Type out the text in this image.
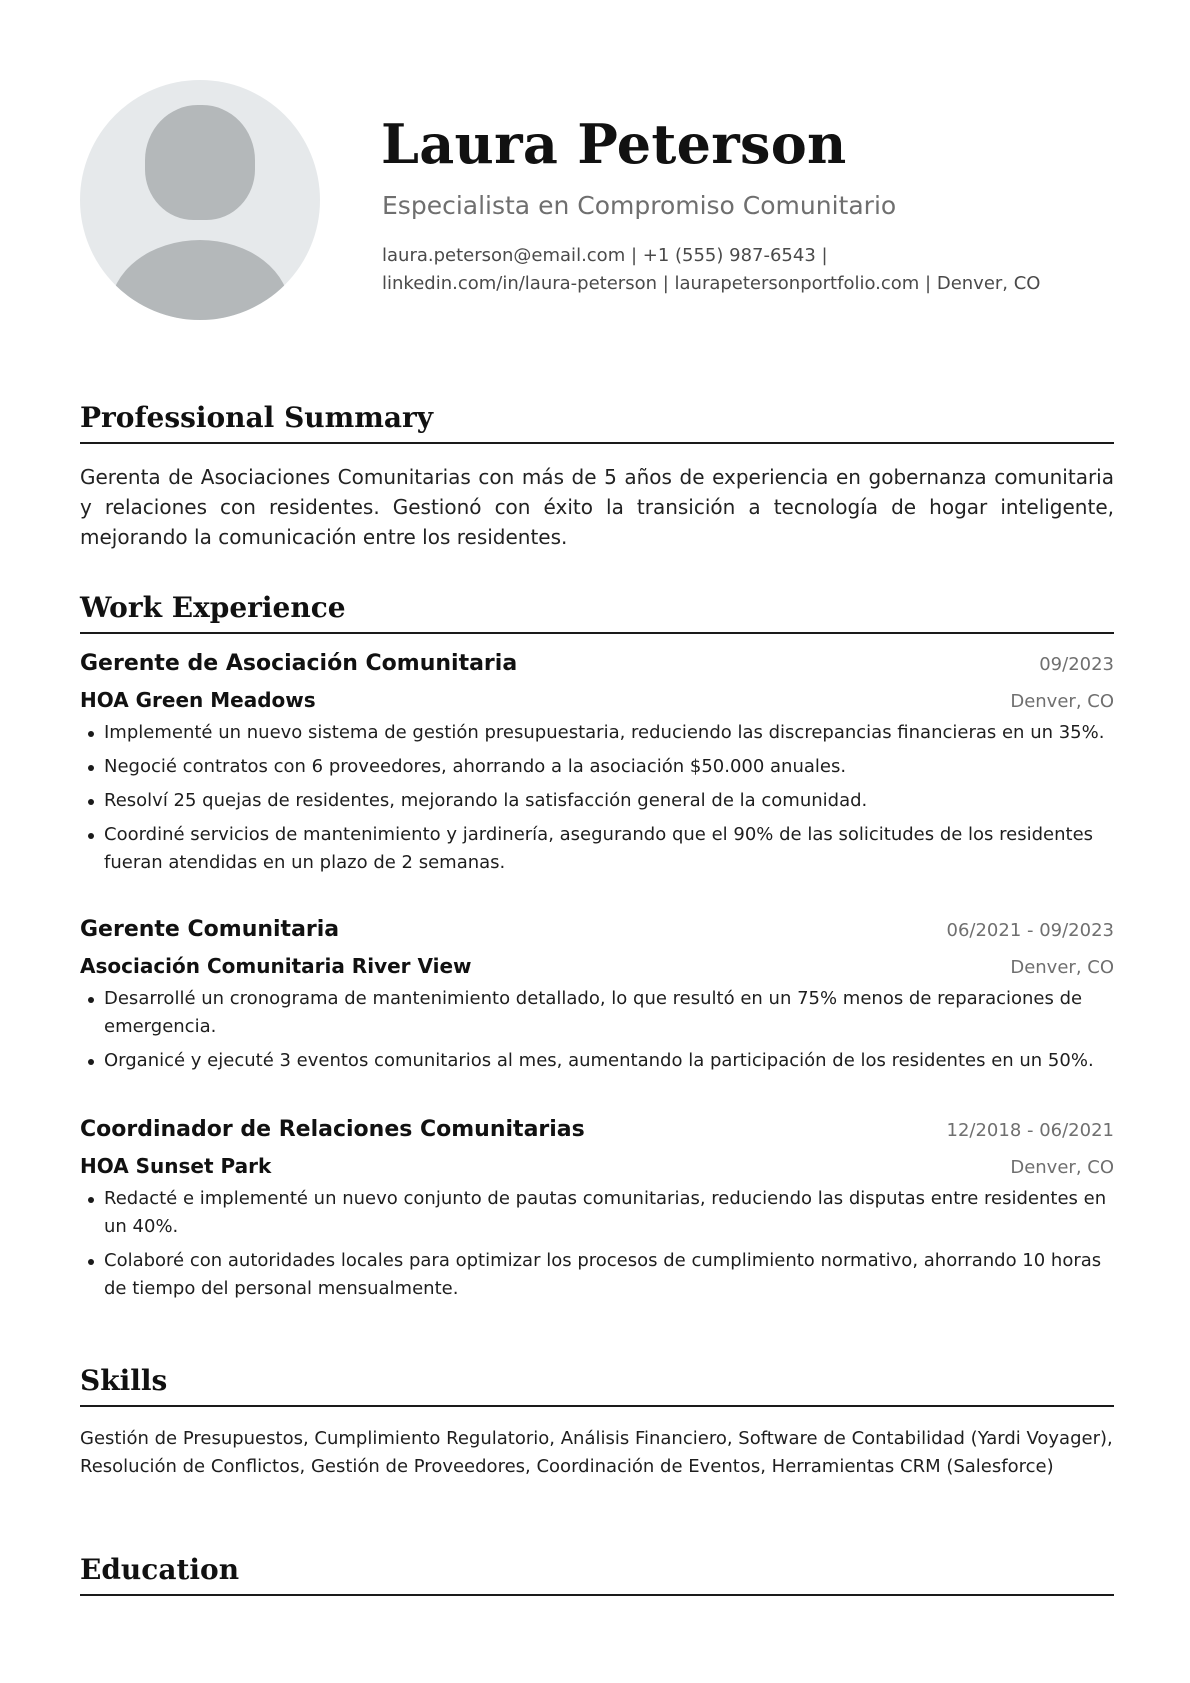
Laura Peterson
Especialista en Compromiso Comunitario
laura.peterson@email.com | +1 (555) 987-6543 |
linkedin.com/in/laura-peterson | laurapetersonportfolio.com | Denver, CO
Professional Summary

Gerenta de Asociaciones Comunitarias con más de 5 años de experiencia en gobernanza comunitaria y relaciones con residentes. Gestionó con éxito la transición a tecnología de hogar inteligente, mejorando la comunicación entre los residentes.

Work Experience
Gerente de Asociación Comunitaria	09/2023
HOA Green Meadows	Denver, CO
Implementé un nuevo sistema de gestión presupuestaria, reduciendo las discrepancias financieras en un 35%.
Negocié contratos con 6 proveedores, ahorrando a la asociación $50.000 anuales.
Resolví 25 quejas de residentes, mejorando la satisfacción general de la comunidad.
Coordiné servicios de mantenimiento y jardinería, asegurando que el 90% de las solicitudes de los residentes fueran atendidas en un plazo de 2 semanas.
Gerente Comunitaria	06/2021 - 09/2023
Asociación Comunitaria River View	Denver, CO
Desarrollé un cronograma de mantenimiento detallado, lo que resultó en un 75% menos de reparaciones de emergencia.
Organicé y ejecuté 3 eventos comunitarios al mes, aumentando la participación de los residentes en un 50%.
Coordinador de Relaciones Comunitarias	12/2018 - 06/2021
HOA Sunset Park	Denver, CO
Redacté e implementé un nuevo conjunto de pautas comunitarias, reduciendo las disputas entre residentes en un 40%.
Colaboré con autoridades locales para optimizar los procesos de cumplimiento normativo, ahorrando 10 horas de tiempo del personal mensualmente.
Skills

Gestión de Presupuestos, Cumplimiento Regulatorio, Análisis Financiero, Software de Contabilidad (Yardi Voyager), Resolución de Conflictos, Gestión de Proveedores, Coordinación de Eventos, Herramientas CRM (Salesforce)

Education
